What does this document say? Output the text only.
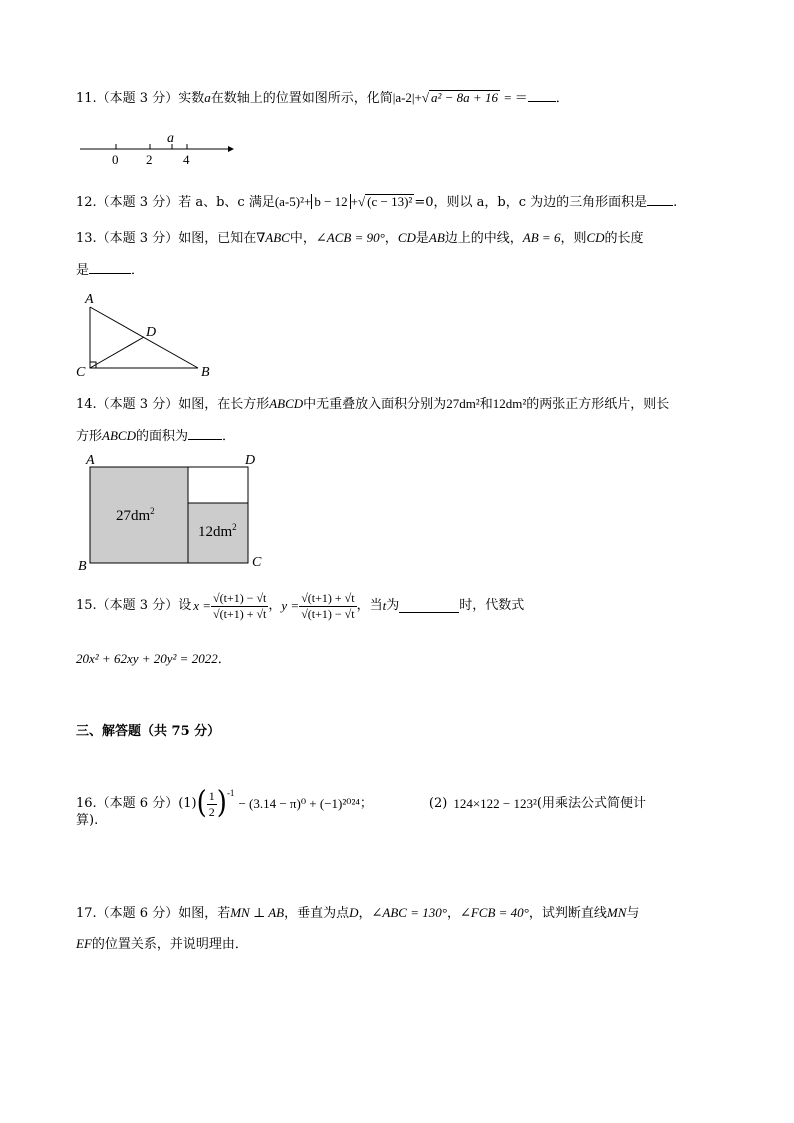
11.（本题 3 分）实数a在数轴上的位置如图所示，化简|a-2|+√ a² − 8a + 16 = ＝ ．
0 2 4
a
12.（本题 3 分）若 a、b、c 满足(a-5)²+ b − 12 +√ (c − 13)² =0，则以 a，b，c 为边的三角形面积是 .
13.（本题 3 分）如图，已知在∇ABC中，∠ACB = 90°，CD是AB边上的中线，AB = 6，则CD的长度
是	．
A
D
C	B
14.（本题 3 分）如图，在长方形ABCD中无重叠放入面积分别为27dm²和12dm²的两张正方形纸片，则长
方形ABCD的面积为	．
$27dm^2$
$12dm^2$
A	D
B	C
15.（本题 3 分）设 $x = \frac{√(t+1) - √t}{√(t+1) + √t}$ ， $y = \frac{√(t+1) + √t}{√(t+1) - √t}$ ，当 t 为	时，代数式
20x² + 62xy + 20y² = 2022．
三、解答题（共 75 分）
16.（本题 6 分）(1) ( $\frac{1}{2}$ ) -1
− (3.14 − π)⁰ + (−1)²⁰²⁴ ；	(2) 124×122 − 123² (用乘法公式简便计
算).
17.（本题 6 分）如图，若MN ⊥ AB，垂直为点D，∠ABC = 130°，∠FCB = 40°，试判断直线MN与
EF的位置关系，并说明理由．
